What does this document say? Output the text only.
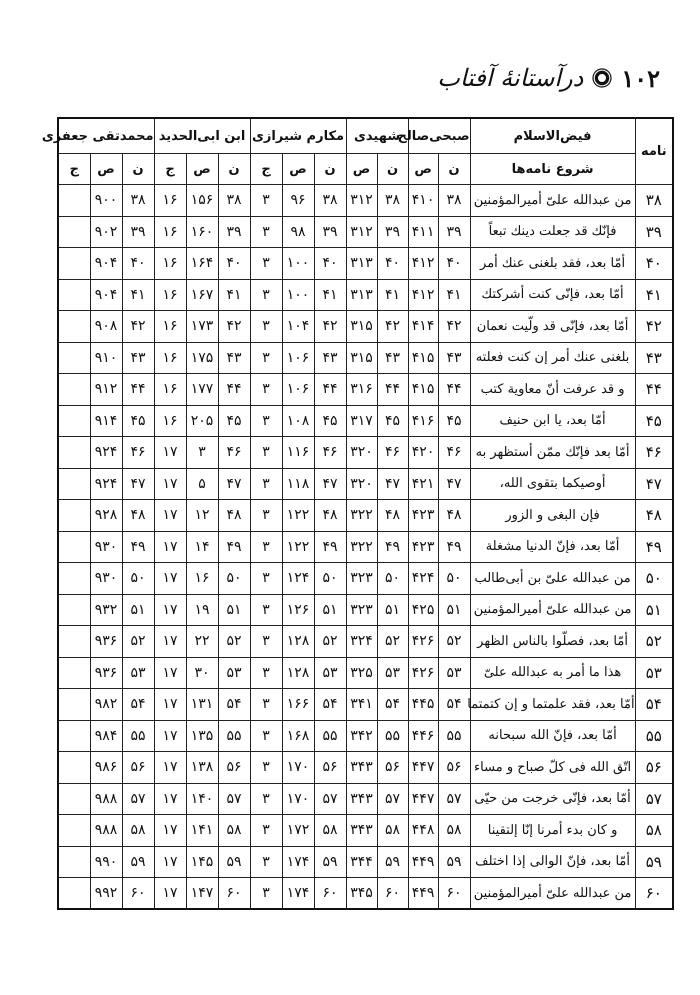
۱۰۲
درآستانهٔ آفتاب
نامه	فیض‌الاسلام	صبحی‌صالح		شهیدی		مکارم شیرازی			ابن ابی‌الحدید			محمدتقی جعفری		
	شروع نامه‌ها	ن	ص	ن	ص	ن	ص	ج	ن	ص	ج	ن	ص	ج
۳۸	من عبدالله علیّ أمیرالمؤمنین	۳۸	۴۱۰	۳۸	۳۱۲	۳۸	۹۶	۳	۳۸	۱۵۶	۱۶	۳۸	۹۰۰	
۳۹	فإنّك قد جعلت دینك تبعاً	۳۹	۴۱۱	۳۹	۳۱۲	۳۹	۹۸	۳	۳۹	۱۶۰	۱۶	۳۹	۹۰۲	
۴۰	أمّا بعد، فقد بلغنی عنك أمر	۴۰	۴۱۲	۴۰	۳۱۳	۴۰	۱۰۰	۳	۴۰	۱۶۴	۱۶	۴۰	۹۰۴	
۴۱	أمّا بعد، فإنّی کنت أشرکتك	۴۱	۴۱۲	۴۱	۳۱۳	۴۱	۱۰۰	۳	۴۱	۱۶۷	۱۶	۴۱	۹۰۴	
۴۲	أمّا بعد، فإنّی قد ولّیت نعمان	۴۲	۴۱۴	۴۲	۳۱۵	۴۲	۱۰۴	۳	۴۲	۱۷۳	۱۶	۴۲	۹۰۸	
۴۳	بلغنی عنك أمر إن کنت فعلته	۴۳	۴۱۵	۴۳	۳۱۵	۴۳	۱۰۶	۳	۴۳	۱۷۵	۱۶	۴۳	۹۱۰	
۴۴	و قد عرفت أنّ معاویة کتب	۴۴	۴۱۵	۴۴	۳۱۶	۴۴	۱۰۶	۳	۴۴	۱۷۷	۱۶	۴۴	۹۱۲	
۴۵	أمّا بعد، یا ابن حنیف	۴۵	۴۱۶	۴۵	۳۱۷	۴۵	۱۰۸	۳	۴۵	۲۰۵	۱۶	۴۵	۹۱۴	
۴۶	أمّا بعد فإنّك ممّن أستظهر به	۴۶	۴۲۰	۴۶	۳۲۰	۴۶	۱۱۶	۳	۴۶	۳	۱۷	۴۶	۹۲۴	
۴۷	أوصیکما بتقوی الله،	۴۷	۴۲۱	۴۷	۳۲۰	۴۷	۱۱۸	۳	۴۷	۵	۱۷	۴۷	۹۲۴	
۴۸	فإن البغی و الزور	۴۸	۴۲۳	۴۸	۳۲۲	۴۸	۱۲۲	۳	۴۸	۱۲	۱۷	۴۸	۹۲۸	
۴۹	أمّا بعد، فإنّ الدنیا مشغلة	۴۹	۴۲۳	۴۹	۳۲۲	۴۹	۱۲۲	۳	۴۹	۱۴	۱۷	۴۹	۹۳۰	
۵۰	من عبدالله علیّ بن أبی‌طالب	۵۰	۴۲۴	۵۰	۳۲۳	۵۰	۱۲۴	۳	۵۰	۱۶	۱۷	۵۰	۹۳۰	
۵۱	من عبدالله علیّ أمیرالمؤمنین	۵۱	۴۲۵	۵۱	۳۲۳	۵۱	۱۲۶	۳	۵۱	۱۹	۱۷	۵۱	۹۳۲	
۵۲	أمّا بعد، فصلّوا بالناس الظهر	۵۲	۴۲۶	۵۲	۳۲۴	۵۲	۱۲۸	۳	۵۲	۲۲	۱۷	۵۲	۹۳۶	
۵۳	هذا ما أمر به عبدالله علیّ	۵۳	۴۲۶	۵۳	۳۲۵	۵۳	۱۲۸	۳	۵۳	۳۰	۱۷	۵۳	۹۳۶	
۵۴	أمّا بعد، فقد علمتما و إن کتمتما	۵۴	۴۴۵	۵۴	۳۴۱	۵۴	۱۶۶	۳	۵۴	۱۳۱	۱۷	۵۴	۹۸۲	
۵۵	أمّا بعد، فإنّ الله سبحانه	۵۵	۴۴۶	۵۵	۳۴۲	۵۵	۱۶۸	۳	۵۵	۱۳۵	۱۷	۵۵	۹۸۴	
۵۶	اتّق الله فی کلّ صباح و مساء	۵۶	۴۴۷	۵۶	۳۴۳	۵۶	۱۷۰	۳	۵۶	۱۳۸	۱۷	۵۶	۹۸۶	
۵۷	أمّا بعد، فإنّی خرجت من حیّی	۵۷	۴۴۷	۵۷	۳۴۳	۵۷	۱۷۰	۳	۵۷	۱۴۰	۱۷	۵۷	۹۸۸	
۵۸	و کان بدء أمرنا إنّا إلتقینا	۵۸	۴۴۸	۵۸	۳۴۳	۵۸	۱۷۲	۳	۵۸	۱۴۱	۱۷	۵۸	۹۸۸	
۵۹	أمّا بعد، فإنّ الوالی إذا اختلف	۵۹	۴۴۹	۵۹	۳۴۴	۵۹	۱۷۴	۳	۵۹	۱۴۵	۱۷	۵۹	۹۹۰	
۶۰	من عبدالله علیّ أمیرالمؤمنین	۶۰	۴۴۹	۶۰	۳۴۵	۶۰	۱۷۴	۳	۶۰	۱۴۷	۱۷	۶۰	۹۹۲	
